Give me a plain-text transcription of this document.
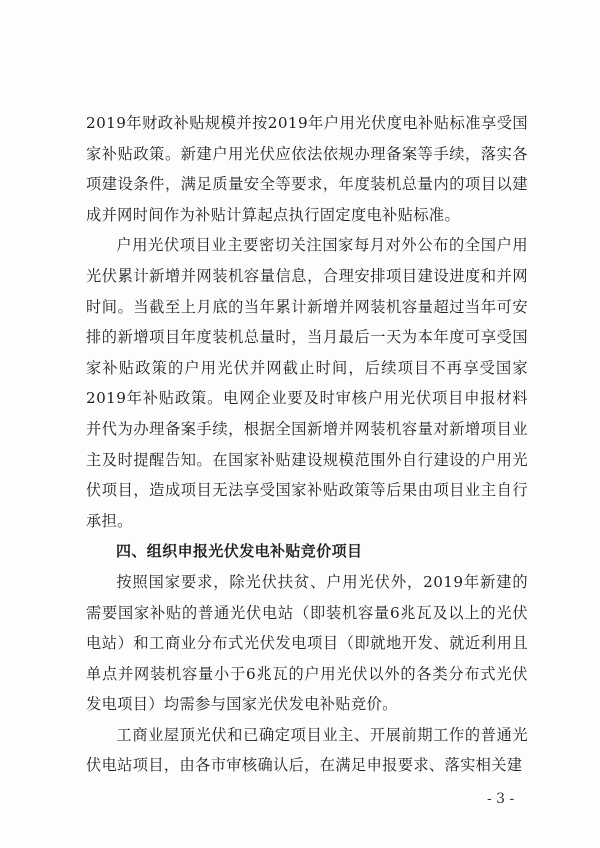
2019年财政补贴规模并按2019年户用光伏度电补贴标准享受国家补贴政策。新建户用光伏应依法依规办理备案等手续，落实各项建设条件，满足质量安全等要求，年度装机总量内的项目以建成并网时间作为补贴计算起点执行固定度电补贴标准。

户用光伏项目业主要密切关注国家每月对外公布的全国户用光伏累计新增并网装机容量信息，合理安排项目建设进度和并网时间。当截至上月底的当年累计新增并网装机容量超过当年可安排的新增项目年度装机总量时，当月最后一天为本年度可享受国家补贴政策的户用光伏并网截止时间，后续项目不再享受国家2019年补贴政策。电网企业要及时审核户用光伏项目申报材料并代为办理备案手续，根据全国新增并网装机容量对新增项目业主及时提醒告知。在国家补贴建设规模范围外自行建设的户用光伏项目，造成项目无法享受国家补贴政策等后果由项目业主自行承担。

四、组织申报光伏发电补贴竞价项目

按照国家要求，除光伏扶贫、户用光伏外，2019年新建的需要国家补贴的普通光伏电站（即装机容量6兆瓦及以上的光伏电站）和工商业分布式光伏发电项目（即就地开发、就近利用且单点并网装机容量小于6兆瓦的户用光伏以外的各类分布式光伏发电项目）均需参与国家光伏发电补贴竞价。

工商业屋顶光伏和已确定项目业主、开展前期工作的普通光伏电站项目，由各市审核确认后，在满足申报要求、落实相关建

- 3 -
